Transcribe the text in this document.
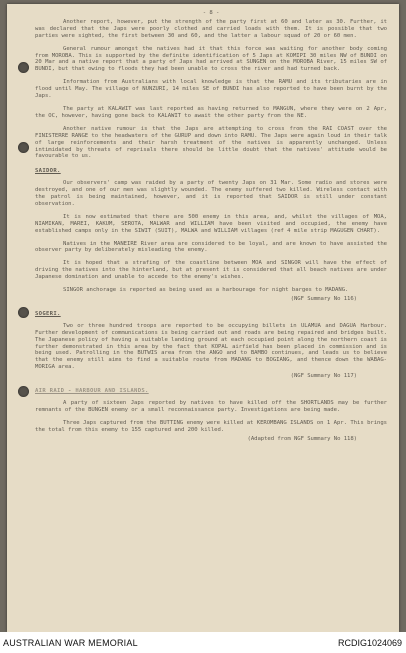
- 8 -

Another report, however, put the strength of the party first at 60 and later as 30. Further, it was declared that the Japs were poorly clothed and carried loads with them. It is possible that two parties were sighted, the first between 30 and 60, and the latter a labour squad of 20 or 60 men.

General rumour amongst the natives had it that this force was waiting for another body coming from MOROBA. This is supported by the definite identification of 5 Japs at KOMIPI 30 miles NW of BUNDI on 20 Mar and a native report that a party of Japs had arrived at SUNGEN on the MOROBA River, 15 miles SW of BUNDI, but that owing to floods they had been unable to cross the river and had turned back.

Information from Australians with local knowledge is that the RAMU and its tributaries are in flood until May. The village of NUNZURI, 14 miles SE of BUNDI has also reported to have been burnt by the Japs.

The party at KALAWIT was last reported as having returned to MANGUN, where they were on 2 Apr, the OC, however, having gone back to KALAWIT to await the other party from the NE.

Another native rumour is that the Japs are attempting to cross from the RAI COAST over the FINISTERRE RANGE to the headwaters of the GURUP and down into RAMU. The Japs were again loud in their talk of large reinforcements and their harsh treatment of the natives is apparently unchanged. Unless intimidated by threats of reprisals there should be little doubt that the natives' attitude would be favourable to us.

SAIDOR.

Our observers' camp was raided by a party of twenty Japs on 31 Mar. Some radio and stores were destroyed, and one of our men was slightly wounded. The enemy suffered two killed. Wireless contact with the patrol is being maintained, however, and it is reported that SAIDOR is still under constant observation.

It is now estimated that there are 500 enemy in this area, and, whilst the villages of MOA, NIAMIKAN, MAREI, KAKUM, SEROTA, MALWAR and WILLIAM have been visited and occupied, the enemy have established camps only in the SIWIT (SUIT), MALWA and WILLIAM villages (ref 4 mile strip MAGUGEN CHART).

Natives in the MANEIRE River area are considered to be loyal, and are known to have assisted the observer party by deliberately misleading the enemy.

It is hoped that a strafing of the coastline between MOA and SINGOR will have the effect of driving the natives into the hinterland, but at present it is considered that all beach natives are under Japanese domination and unable to accede to the enemy's wishes.

SINGOR anchorage is reported as being used as a harbourage for night barges to MADANG.

(NGF Summary No 116)
SOGERI.

Two or three hundred troops are reported to be occupying billets in ULAMUA and DAGUA Harbour. Further development of communications is being carried out and roads are being repaired and bridges built. The Japanese policy of having a suitable landing ground at each occupied point along the northern coast is further demonstrated in this area by the fact that KOPAL airfield has been placed in commission and is being used. Patrolling in the BUTWIS area from the ANGO and to BAMBO continues, and leads us to believe that the enemy still aims to find a suitable route from MADANG to BOGIANG, and thence down the WABAG-MORIGA area.

(NGF Summary No 117)
AIR RAID - HARBOUR AND ISLANDS.

A party of sixteen Japs reported by natives to have killed off the SHORTLANDS may be further remnants of the BUNGEN enemy or a small reconnaissance party. Investigations are being made.

Three Japs captured from the BUTTING enemy were killed at KEROMBANG ISLANDS on 1 Apr. This brings the total from this enemy to 155 captured and 200 killed.

(Adapted from NGF Summary No 118)
AUSTRALIAN WAR MEMORIAL	RCDIG1024069
